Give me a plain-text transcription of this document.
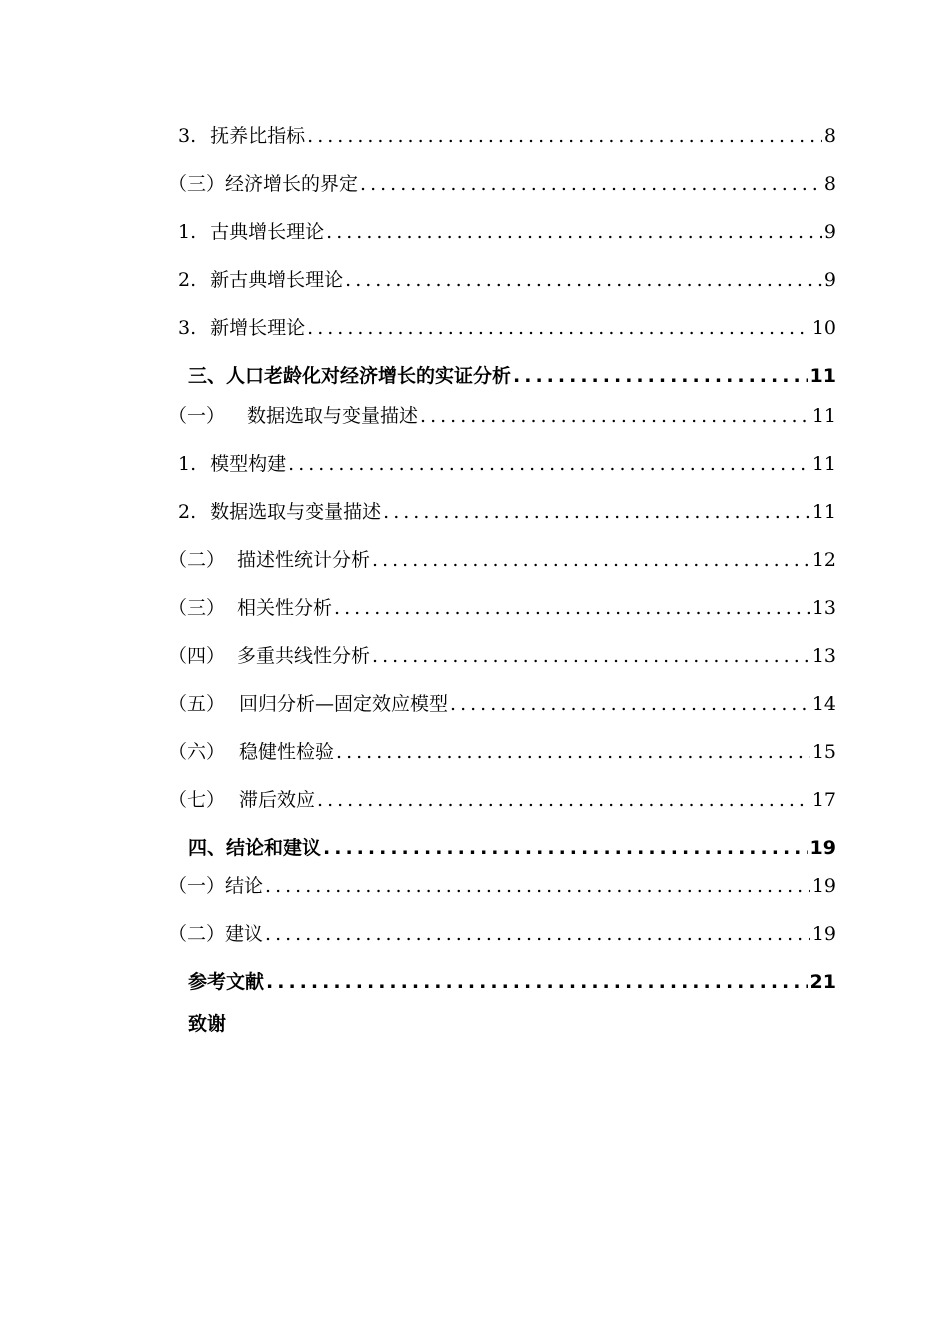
3. 抚养比指标 .....	8
（三） 经济增长的界定 .....	8
1. 古典增长理论 .....	9
2. 新古典增长理论 .....	9
3. 新增长理论 .....	10
三、人口老龄化对经济增长的实证分析 .....	11
（一） 数据选取与变量描述 .....	11
1. 模型构建 .....	11
2. 数据选取与变量描述 .....	11
（二） 描述性统计分析 .....	12
（三） 相关性分析 .....	13
（四） 多重共线性分析 .....	13
（五） 回归分析—固定效应模型 .....	14
（六） 稳健性检验 .....	15
（七） 滞后效应 .....	17
四、结论和建议 .....	19
（一） 结论 .....	19
（二） 建议 .....	19
参考文献 .....	21
致谢
